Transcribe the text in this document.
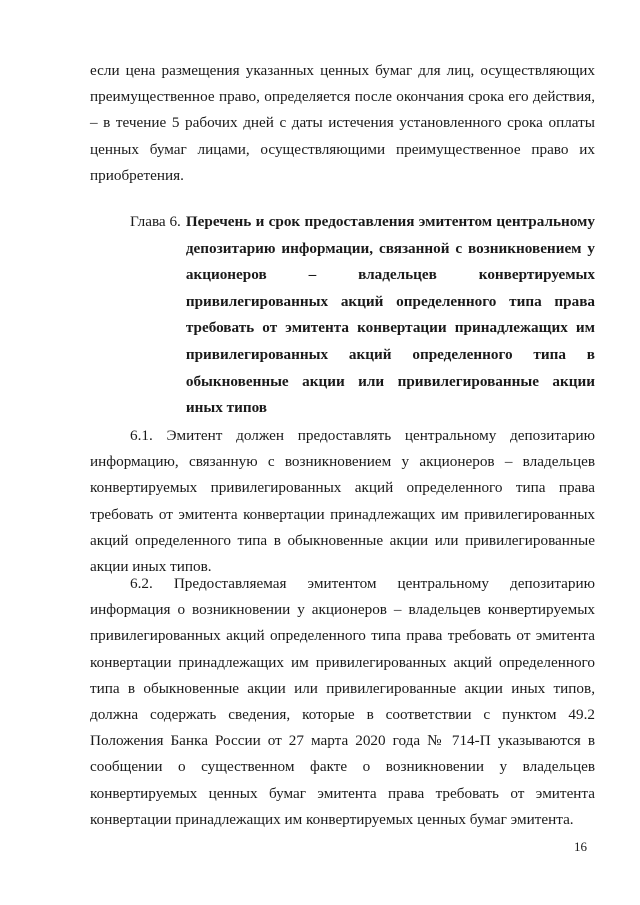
если цена размещения указанных ценных бумаг для лиц, осуществляющих преимущественное право, определяется после окончания срока его действия, – в течение 5 рабочих дней с даты истечения установленного срока оплаты ценных бумаг лицами, осуществляющими преимущественное право их приобретения.

Глава 6. Перечень и срок предоставления эмитентом центральному депозитарию информации, связанной с возникновением у акционеров – владельцев конвертируемых привилегированных акций определенного типа права требовать от эмитента конвертации принадлежащих им привилегированных акций определенного типа в обыкновенные акции или привилегированные акции иных типов

6.1. Эмитент должен предоставлять центральному депозитарию информацию, связанную с возникновением у акционеров – владельцев конвертируемых привилегированных акций определенного типа права требовать от эмитента конвертации принадлежащих им привилегированных акций определенного типа в обыкновенные акции или привилегированные акции иных типов.

6.2. Предоставляемая эмитентом центральному депозитарию информация о возникновении у акционеров – владельцев конвертируемых привилегированных акций определенного типа права требовать от эмитента конвертации принадлежащих им привилегированных акций определенного типа в обыкновенные акции или привилегированные акции иных типов, должна содержать сведения, которые в соответствии с пунктом 49.2 Положения Банка России от 27 марта 2020 года № 714-П указываются в сообщении о существенном факте о возникновении у владельцев конвертируемых ценных бумаг эмитента права требовать от эмитента конвертации принадлежащих им конвертируемых ценных бумаг эмитента.

16
